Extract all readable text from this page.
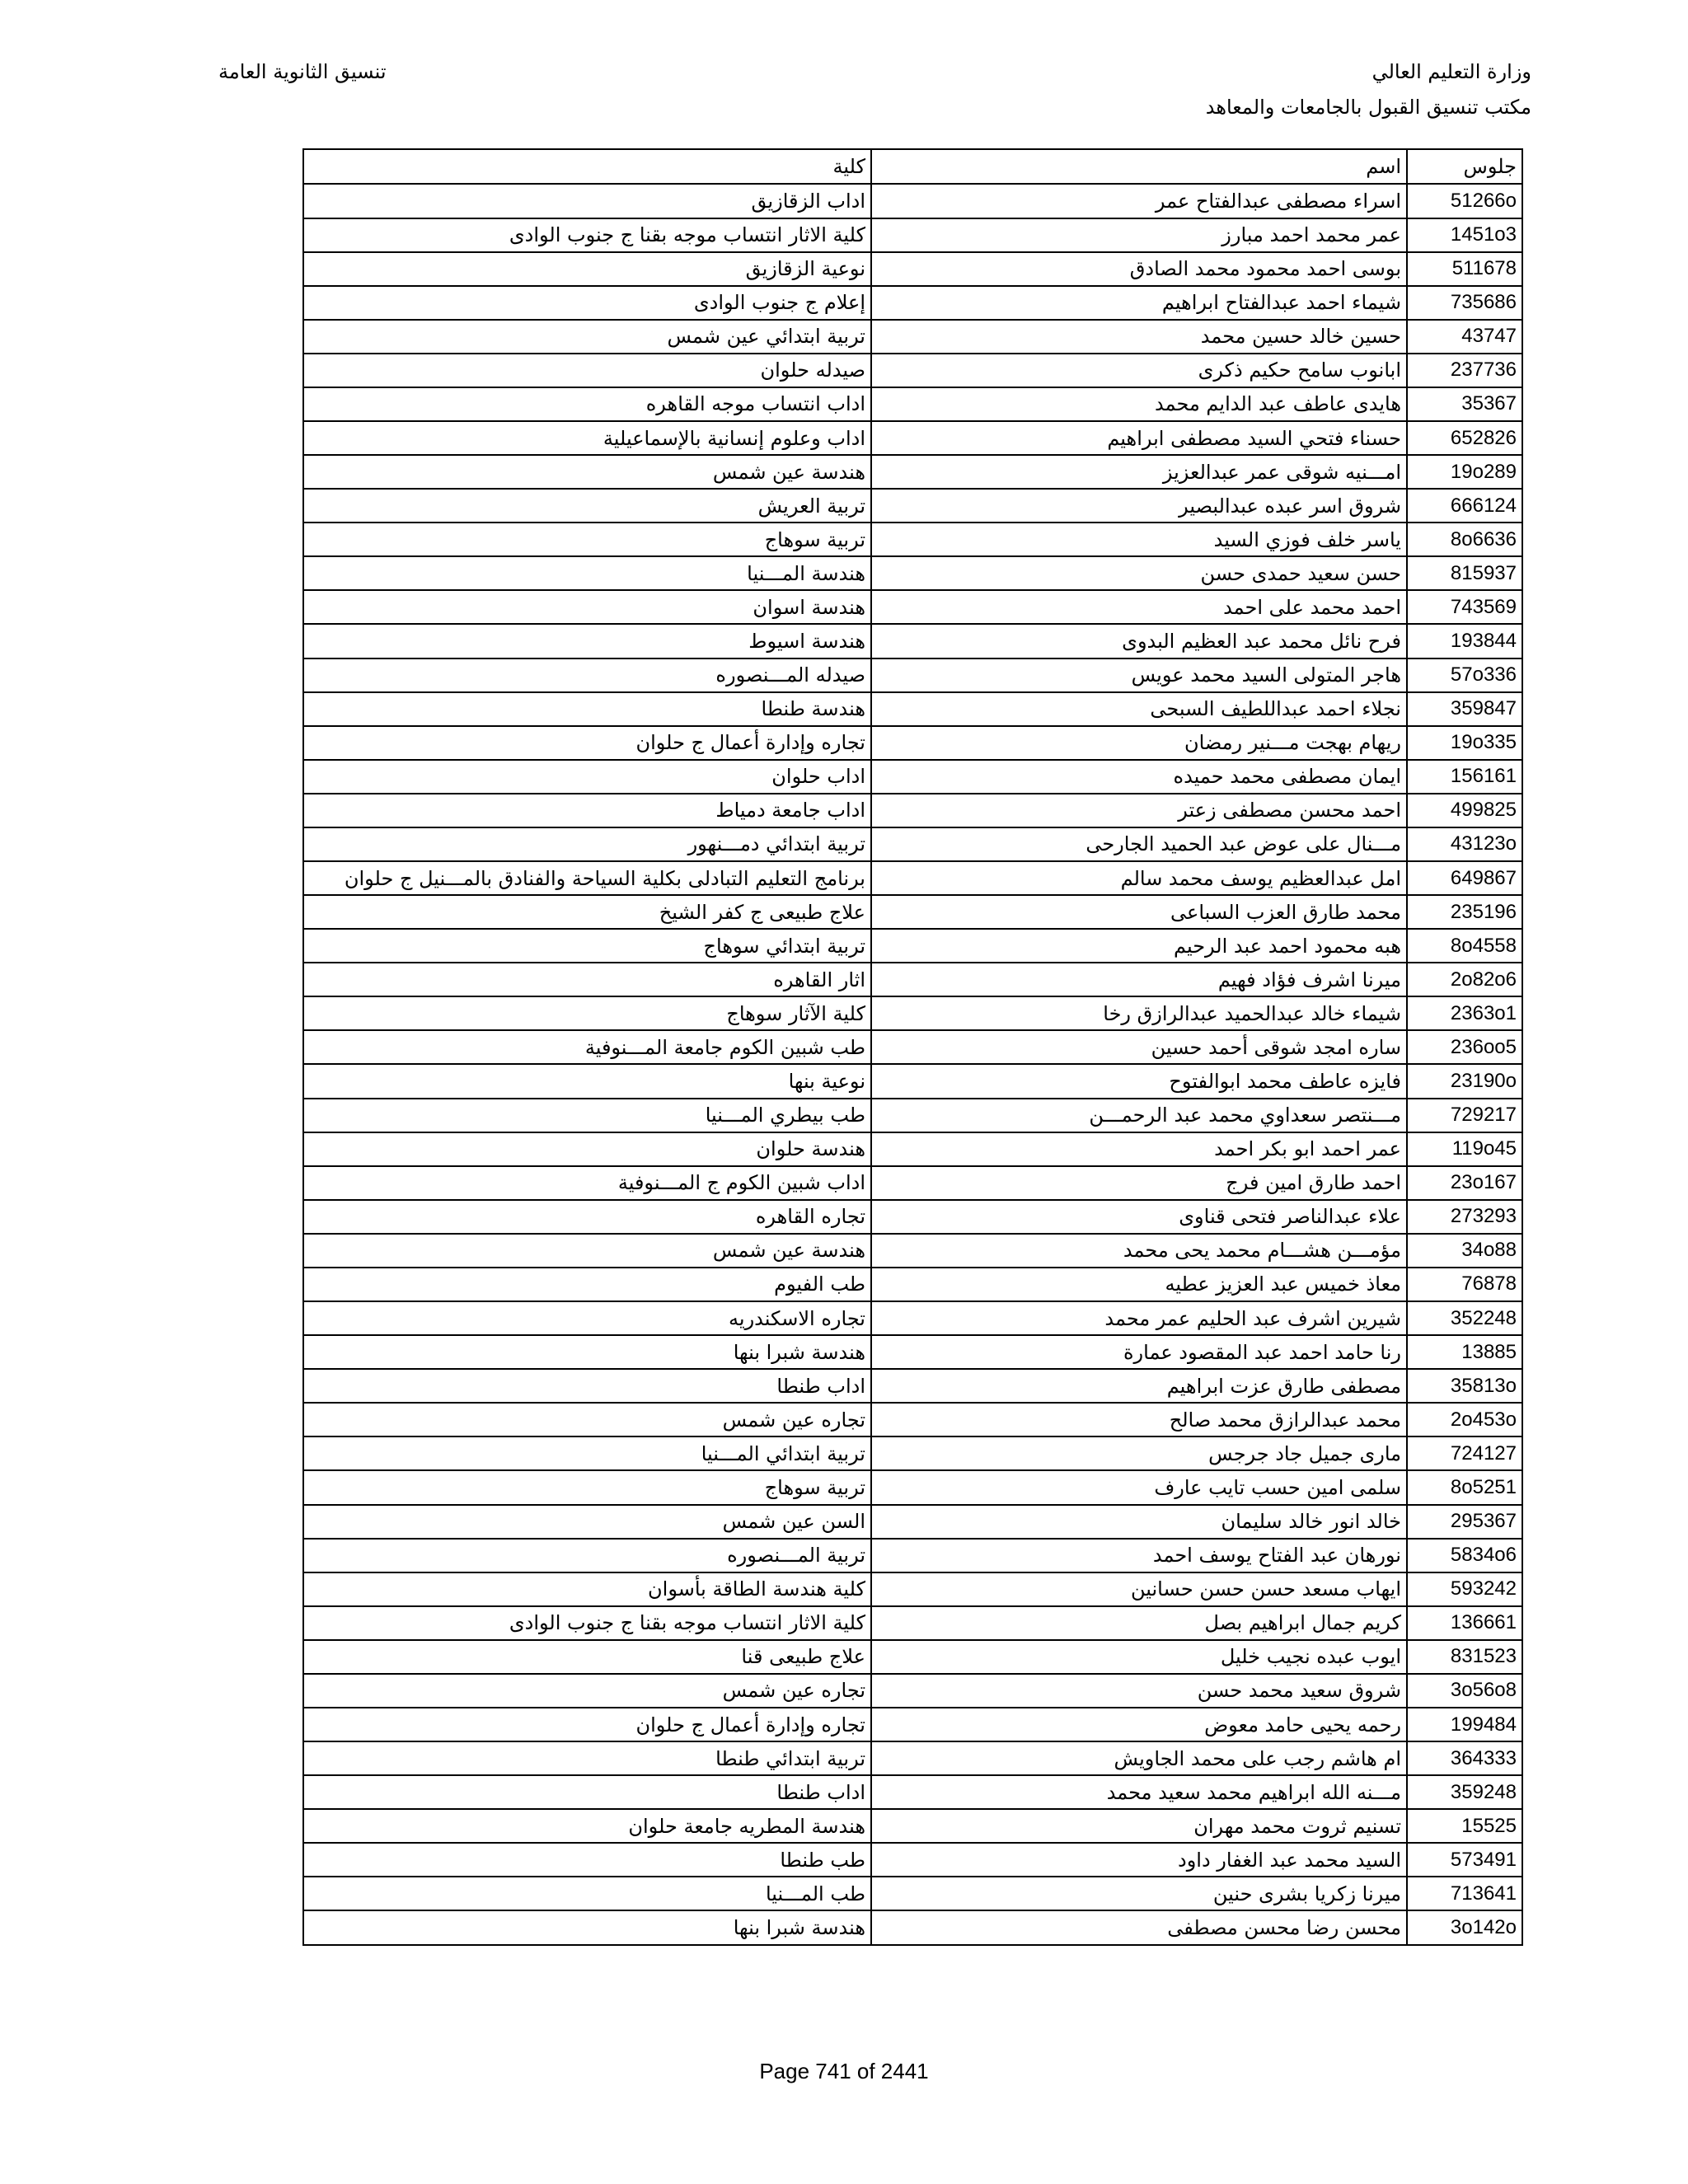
وزارة التعليم العالي
مكتب تنسيق القبول بالجامعات والمعاهد
تنسيق الثانوية العامة
جلوس	اسم	كلية
51266o	اسراء مصطفى عبدالفتاح عمر	اداب الزقازيق
1451o3	عمر محمد احمد مبارز	كلية الاثار انتساب موجه بقنا ج جنوب الوادى
511678	بوسى احمد محمود محمد الصادق	نوعية الزقازيق
735686	شيماء احمد عبدالفتاح ابراهيم	إعلام ج جنوب الوادى
43747	حسين خالد حسين محمد	تربية ابتدائي عين شمس
237736	ابانوب سامح حكيم ذكرى	صيدله حلوان
35367	هايدى عاطف عبد الدايم محمد	اداب انتساب موجه القاهره
652826	حسناء فتحي السيد مصطفى ابراهيم	اداب وعلوم إنسانية بالإسماعيلية
19o289	امـــنيه شوقى عمر عبدالعزيز	هندسة عين شمس
666124	شروق اسر عبده عبدالبصير	تربية العريش
8o6636	ياسر خلف فوزي السيد	تربية سوهاج
815937	حسن سعيد حمدى حسن	هندسة المـــنيا
743569	احمد محمد على احمد	هندسة اسوان
193844	فرح نائل محمد عبد العظيم البدوى	هندسة اسيوط
57o336	هاجر المتولى السيد محمد عويس	صيدله المـــنصوره
359847	نجلاء احمد عبداللطيف السبحى	هندسة طنطا
19o335	ريهام بهجت مـــنير رمضان	تجاره وإدارة أعمال ج حلوان
156161	ايمان مصطفى محمد حميده	اداب حلوان
499825	احمد محسن مصطفى زعتر	اداب جامعة دمياط
43123o	مـــنال على عوض عبد الحميد الجارحى	تربية ابتدائي دمـــنهور
649867	امل عبدالعظيم يوسف محمد سالم	برنامج التعليم التبادلى بكلية السياحة والفنادق بالمـــنيل ج حلوان
235196	محمد طارق العزب السباعى	علاج طبيعى ج كفر الشيخ
8o4558	هبه محمود احمد عبد الرحيم	تربية ابتدائي سوهاج
2o82o6	ميرنا اشرف فؤاد فهيم	اثار القاهره
2363o1	شيماء خالد عبدالحميد عبدالرازق رخا	كلية الآثار سوهاج
236oo5	ساره امجد شوقى أحمد حسين	طب شبين الكوم جامعة المـــنوفية
23190o	فايزه عاطف محمد ابوالفتوح	نوعية بنها
729217	مـــنتصر سعداوي محمد عبد الرحمـــن	طب بيطري المـــنيا
119o45	عمر احمد ابو بكر احمد	هندسة حلوان
23o167	احمد طارق امين فرج	اداب شبين الكوم ج المـــنوفية
273293	علاء عبدالناصر فتحى قناوى	تجاره القاهره
34o88	مؤمـــن هشـــام محمد يحى محمد	هندسة عين شمس
76878	معاذ خميس عبد العزيز عطيه	طب الفيوم
352248	شيرين اشرف عبد الحليم عمر محمد	تجاره الاسكندريه
13885	رنا حامد احمد عبد المقصود عمارة	هندسة شبرا بنها
35813o	مصطفى طارق عزت ابراهيم	اداب طنطا
2o453o	محمد عبدالرازق محمد صالح	تجاره عين شمس
724127	مارى جميل جاد جرجس	تربية ابتدائي المـــنيا
8o5251	سلمى امين حسب تايب عارف	تربية سوهاج
295367	خالد انور خالد سليمان	السن عين شمس
5834o6	نورهان عبد الفتاح يوسف احمد	تربية المـــنصوره
593242	ايهاب مسعد حسن حسن حسانين	كلية هندسة الطاقة بأسوان
136661	كريم جمال ابراهيم بصل	كلية الاثار انتساب موجه بقنا ج جنوب الوادى
831523	ايوب عبده نجيب خليل	علاج طبيعى قنا
3o56o8	شروق سعيد محمد حسن	تجاره عين شمس
199484	رحمه يحيى حامد معوض	تجاره وإدارة أعمال ج حلوان
364333	ام هاشم رجب على محمد الجاويش	تربية ابتدائي طنطا
359248	مـــنه الله ابراهيم محمد سعيد محمد	اداب طنطا
15525	تسنيم ثروت محمد مهران	هندسة المطريه جامعة حلوان
573491	السيد محمد عبد الغفار داود	طب طنطا
713641	ميرنا زكريا بشرى حنين	طب المـــنيا
3o142o	محسن رضا محسن مصطفى	هندسة شبرا بنها
Page 741 of 2441
